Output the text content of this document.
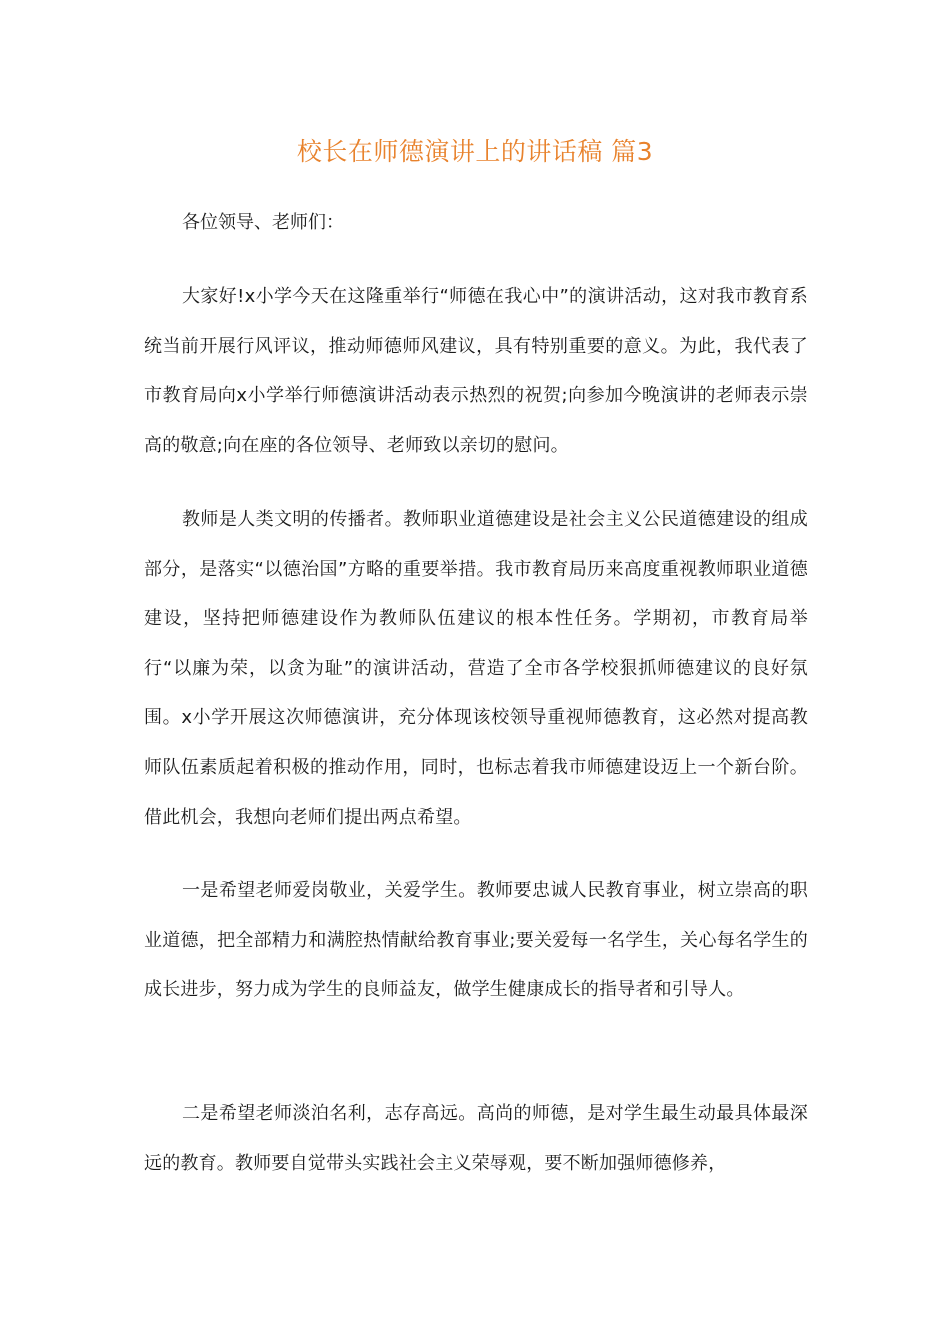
校长在师德演讲上的讲话稿 篇3

各位领导、老师们：

大家好!x小学今天在这隆重举行“师德在我心中”的演讲活动，这对我市教育系统当前开展行风评议，推动师德师风建议，具有特别重要的意义。为此，我代表了市教育局向x小学举行师德演讲活动表示热烈的祝贺;向参加今晚演讲的老师表示崇高的敬意;向在座的各位领导、老师致以亲切的慰问。

教师是人类文明的传播者。教师职业道德建设是社会主义公民道德建设的组成部分，是落实“以德治国”方略的重要举措。我市教育局历来高度重视教师职业道德建设，坚持把师德建设作为教师队伍建议的根本性任务。学期初，市教育局举行“以廉为荣，以贪为耻”的演讲活动，营造了全市各学校狠抓师德建议的良好氛围。x小学开展这次师德演讲，充分体现该校领导重视师德教育，这必然对提高教师队伍素质起着积极的推动作用，同时，也标志着我市师德建设迈上一个新台阶。借此机会，我想向老师们提出两点希望。

一是希望老师爱岗敬业，关爱学生。教师要忠诚人民教育事业，树立崇高的职业道德，把全部精力和满腔热情献给教育事业;要关爱每一名学生，关心每名学生的成长进步，努力成为学生的良师益友，做学生健康成长的指导者和引导人。

二是希望老师淡泊名利，志存高远。高尚的师德，是对学生最生动最具体最深远的教育。教师要自觉带头实践社会主义荣辱观，要不断加强师德修养，
